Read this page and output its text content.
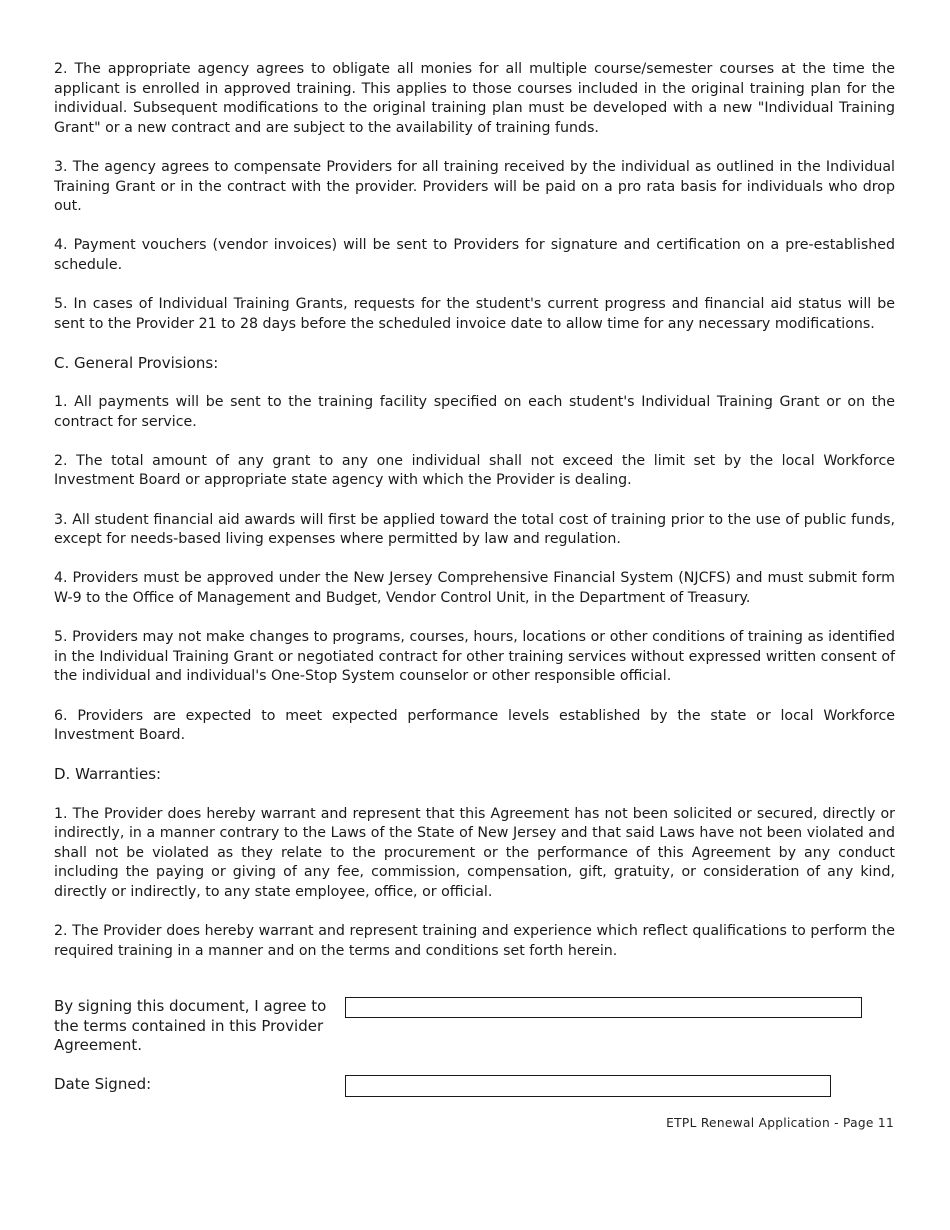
2. The appropriate agency agrees to obligate all monies for all multiple course/semester courses at the time the applicant is enrolled in approved training. This applies to those courses included in the original training plan for the individual. Subsequent modifications to the original training plan must be developed with a new "Individual Training Grant" or a new contract and are subject to the availability of training funds.

3. The agency agrees to compensate Providers for all training received by the individual as outlined in the Individual Training Grant or in the contract with the provider. Providers will be paid on a pro rata basis for individuals who drop out.

4. Payment vouchers (vendor invoices) will be sent to Providers for signature and certification on a pre-established schedule.

5. In cases of Individual Training Grants, requests for the student's current progress and financial aid status will be sent to the Provider 21 to 28 days before the scheduled invoice date to allow time for any necessary modifications.

C. General Provisions:

1. All payments will be sent to the training facility specified on each student's Individual Training Grant or on the contract for service.

2. The total amount of any grant to any one individual shall not exceed the limit set by the local Workforce Investment Board or appropriate state agency with which the Provider is dealing.

3. All student financial aid awards will first be applied toward the total cost of training prior to the use of public funds, except for needs-based living expenses where permitted by law and regulation.

4. Providers must be approved under the New Jersey Comprehensive Financial System (NJCFS) and must submit form W-9 to the Office of Management and Budget, Vendor Control Unit, in the Department of Treasury.

5. Providers may not make changes to programs, courses, hours, locations or other conditions of training as identified in the Individual Training Grant or negotiated contract for other training services without expressed written consent of the individual and individual's One-Stop System counselor or other responsible official.

6. Providers are expected to meet expected performance levels established by the state or local Workforce Investment Board.

D. Warranties:

1. The Provider does hereby warrant and represent that this Agreement has not been solicited or secured, directly or indirectly, in a manner contrary to the Laws of the State of New Jersey and that said Laws have not been violated and shall not be violated as they relate to the procurement or the performance of this Agreement by any conduct including the paying or giving of any fee, commission, compensation, gift, gratuity, or consideration of any kind, directly or indirectly, to any state employee, office, or official.

2. The Provider does hereby warrant and represent training and experience which reflect qualifications to perform the required training in a manner and on the terms and conditions set forth herein.

By signing this document, I agree to the terms contained in this Provider Agreement.
Date Signed:
ETPL Renewal Application - Page 11
